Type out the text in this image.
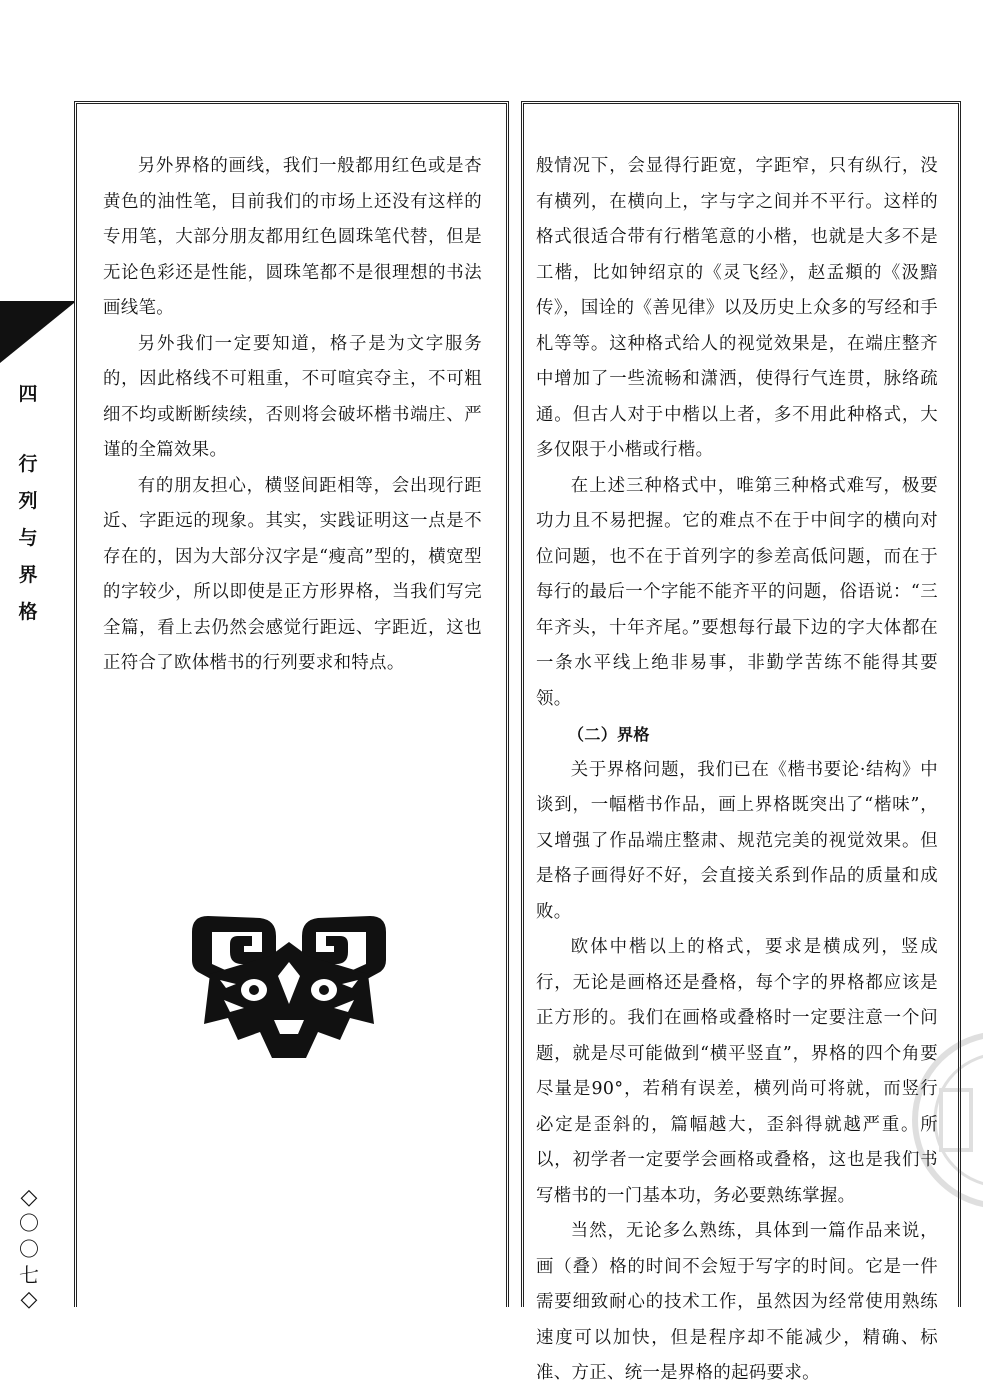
四
行
列
与
界
格
◇
〇
〇
七
◇

另外界格的画线，我们一般都用红色或是杏黄色的油性笔，目前我们的市场上还没有这样的专用笔，大部分朋友都用红色圆珠笔代替，但是无论色彩还是性能，圆珠笔都不是很理想的书法画线笔。

另外我们一定要知道，格子是为文字服务的，因此格线不可粗重，不可喧宾夺主，不可粗细不均或断断续续，否则将会破坏楷书端庄、严谨的全篇效果。

有的朋友担心，横竖间距相等，会出现行距近、字距远的现象。其实，实践证明这一点是不存在的，因为大部分汉字是“瘦高”型的，横宽型的字较少，所以即使是正方形界格，当我们写完全篇，看上去仍然会感觉行距远、字距近，这也正符合了欧体楷书的行列要求和特点。

般情况下，会显得行距宽，字距窄，只有纵行，没有横列，在横向上，字与字之间并不平行。这样的格式很适合带有行楷笔意的小楷，也就是大多不是工楷，比如钟绍京的《灵飞经》，赵孟頫的《汲黯传》，国诠的《善见律》以及历史上众多的写经和手札等等。这种格式给人的视觉效果是，在端庄整齐中增加了一些流畅和潇洒，使得行气连贯，脉络疏通。但古人对于中楷以上者，多不用此种格式，大多仅限于小楷或行楷。

在上述三种格式中，唯第三种格式难写，极要功力且不易把握。它的难点不在于中间字的横向对位问题，也不在于首列字的参差高低问题，而在于每行的最后一个字能不能齐平的问题，俗语说：“三年齐头，十年齐尾。”要想每行最下边的字大体都在一条水平线上绝非易事，非勤学苦练不能得其要领。

（二）界格

关于界格问题，我们已在《楷书要论·结构》中谈到，一幅楷书作品，画上界格既突出了“楷味”，又增强了作品端庄整肃、规范完美的视觉效果。但是格子画得好不好，会直接关系到作品的质量和成败。

欧体中楷以上的格式，要求是横成列，竖成行，无论是画格还是叠格，每个字的界格都应该是正方形的。我们在画格或叠格时一定要注意一个问题，就是尽可能做到“横平竖直”，界格的四个角要尽量是90°，若稍有误差，横列尚可将就，而竖行必定是歪斜的，篇幅越大，歪斜得就越严重。所以，初学者一定要学会画格或叠格，这也是我们书写楷书的一门基本功，务必要熟练掌握。

当然，无论多么熟练，具体到一篇作品来说，画（叠）格的时间不会短于写字的时间。它是一件需要细致耐心的技术工作，虽然因为经常使用熟练速度可以加快，但是程序却不能减少，精确、标准、方正、统一是界格的起码要求。
